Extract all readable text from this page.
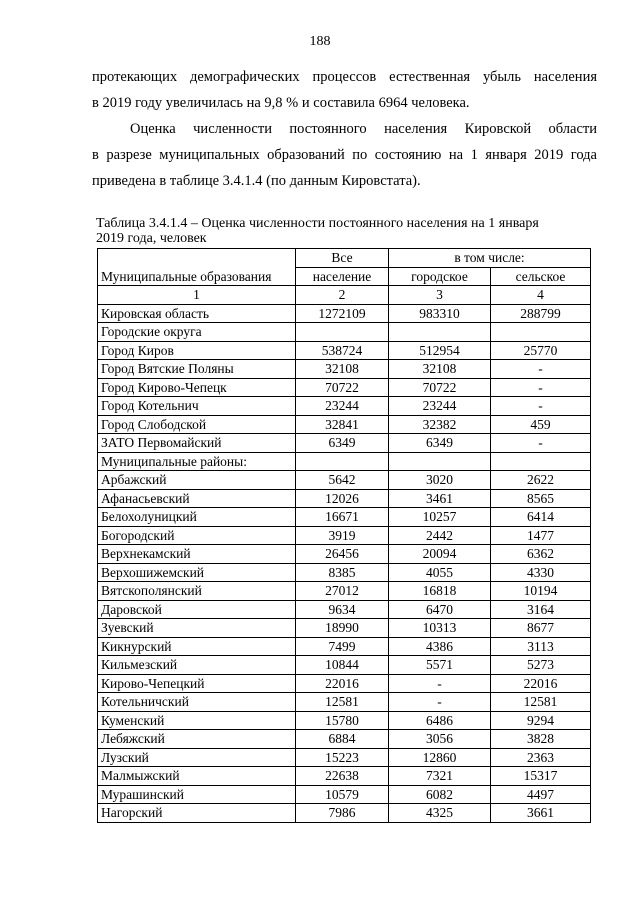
188
протекающих демографических процессов естественная убыль населения
в 2019 году увеличилась на 9,8 % и составила 6964 человека.
Оценка численности постоянного населения Кировской области
в разрезе муниципальных образований по состоянию на 1 января 2019 года
приведена в таблице 3.4.1.4 (по данным Кировстата).
Таблица 3.4.1.4 – Оценка численности постоянного населения на 1 января
2019 года, человек
Муниципальные образования	Все	в том числе:	
	население	городское	сельское
1	2	3	4
Кировская область	1272109	983310	288799
Городские округа			
Город Киров	538724	512954	25770
Город Вятские Поляны	32108	32108	-
Город Кирово-Чепецк	70722	70722	-
Город Котельнич	23244	23244	-
Город Слободской	32841	32382	459
ЗАТО Первомайский	6349	6349	-
Муниципальные районы:			
Арбажский	5642	3020	2622
Афанасьевский	12026	3461	8565
Белохолуницкий	16671	10257	6414
Богородский	3919	2442	1477
Верхнекамский	26456	20094	6362
Верхошижемский	8385	4055	4330
Вятскополянский	27012	16818	10194
Даровской	9634	6470	3164
Зуевский	18990	10313	8677
Кикнурский	7499	4386	3113
Кильмезский	10844	5571	5273
Кирово-Чепецкий	22016	-	22016
Котельничский	12581	-	12581
Куменский	15780	6486	9294
Лебяжский	6884	3056	3828
Лузский	15223	12860	2363
Малмыжский	22638	7321	15317
Мурашинский	10579	6082	4497
Нагорский	7986	4325	3661
